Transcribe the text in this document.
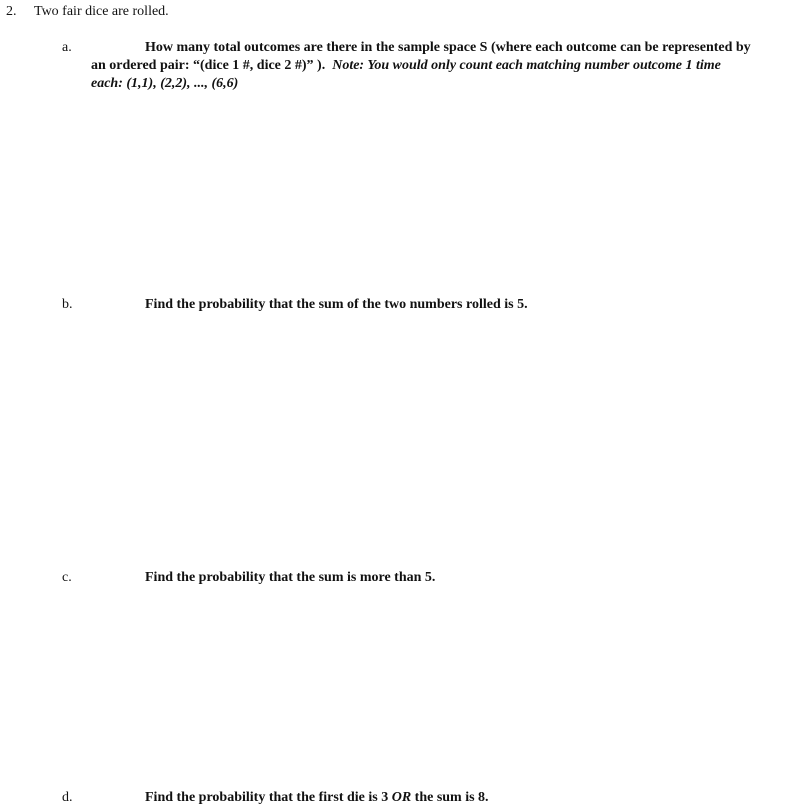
2. Two fair dice are rolled.
a.	How many total outcomes are there in the sample space S (where each outcome can be represented by
an ordered pair: “(dice 1 #, dice 2 #)” ). Note: You would only count each matching number outcome 1 time
each: (1,1), (2,2), ..., (6,6)
b.	Find the probability that the sum of the two numbers rolled is 5.
c.	Find the probability that the sum is more than 5.
d.	Find the probability that the first die is 3 OR the sum is 8.
